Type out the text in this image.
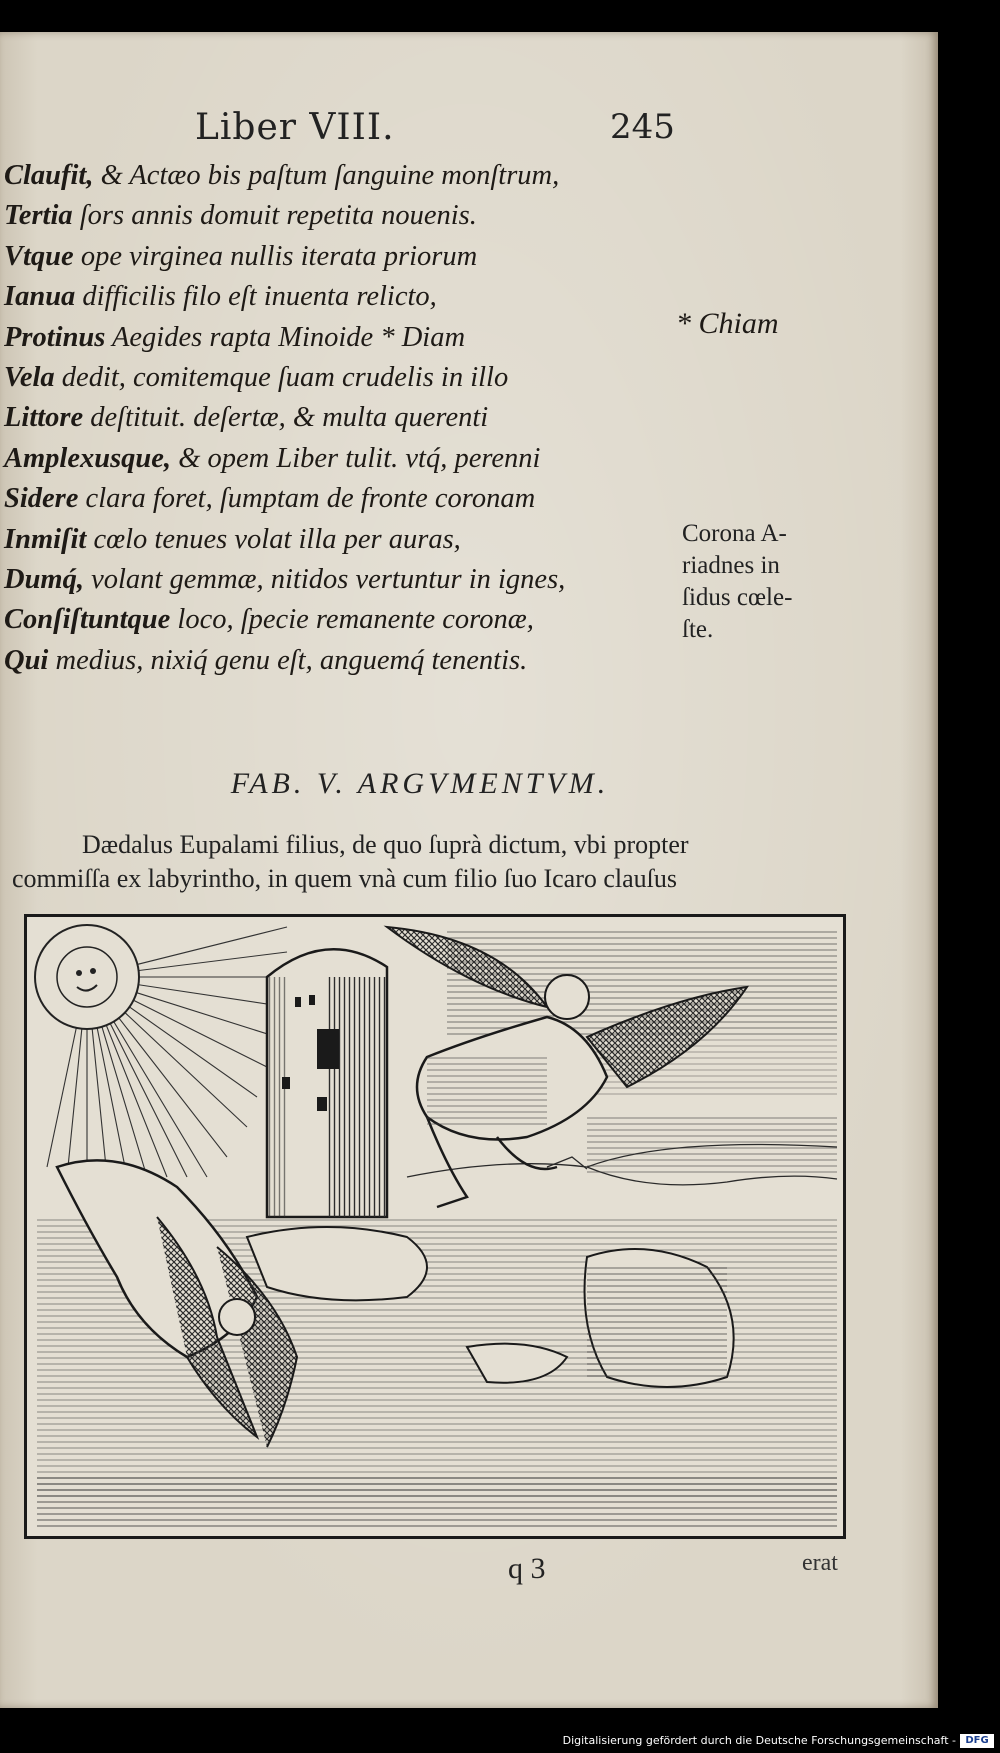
Liber VIII.	245
Claufit, & Actæo bis paſtum ſanguine monſtrum,
Tertia ſors annis domuit repetita nouenis.
Vtque ope virginea nullis iterata priorum
Ianua difficilis filo eſt inuenta relicto,
Protinus Aegides rapta Minoide * Diam
Vela dedit, comitemque ſuam crudelis in illo
Littore deſtituit. deſertæ, & multa querenti
Amplexusque, & opem Liber tulit. vtq́, perenni
Sidere clara foret, ſumptam de fronte coronam
Inmiſit cœlo tenues volat illa per auras,
Dumq́, volant gemmæ, nitidos vertuntur in ignes,
Conſiſtuntque loco, ſpecie remanente coronæ,
Qui medius, nixiq́ genu eſt, anguemq́ tenentis.
* Chiam
Corona A-
riadnes in
ſidus cœle-
ſte.
FAB. V. ARGVMENTVM.
Dædalus Eupalami filius, de quo ſuprà dictum, vbi propter
commiſſa ex labyrintho, in quem vnà cum filio ſuo Icaro clauſus
q 3	erat
Digitalisierung gefördert durch die Deutsche Forschungsgemeinschaft - DFG
